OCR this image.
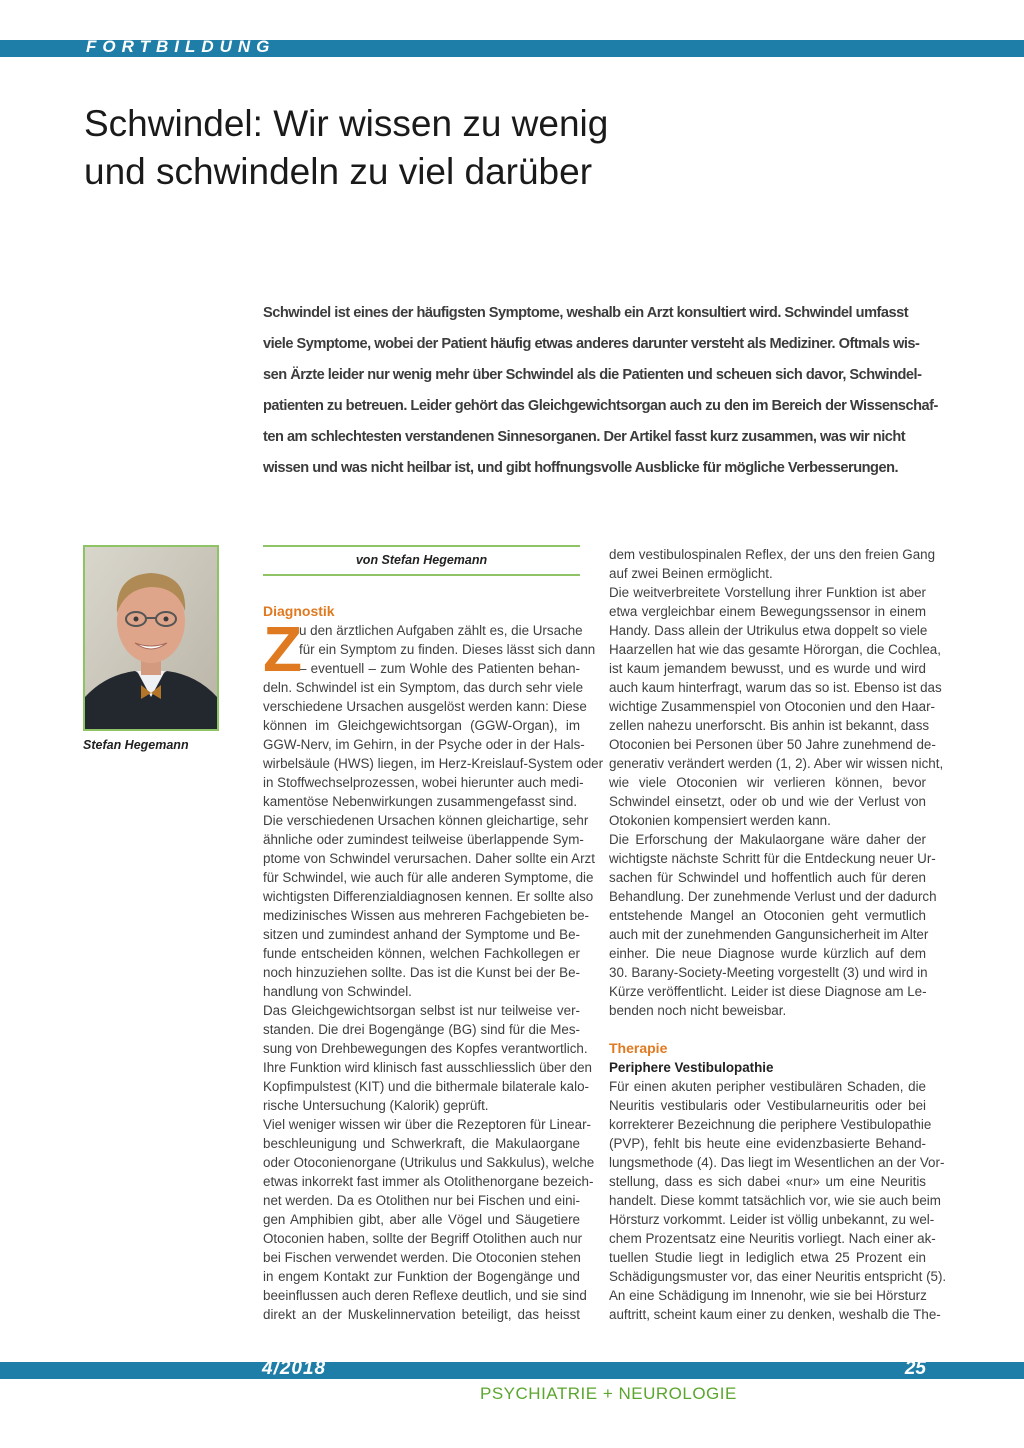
FORTBILDUNG
Schwindel: Wir wissen zu wenig
und schwindeln zu viel darüber
Schwindel ist eines der häufigsten Symptome, weshalb ein Arzt konsultiert wird. Schwindel umfasst
viele Symptome, wobei der Patient häufig etwas anderes darunter versteht als Mediziner. Oftmals wis-
sen Ärzte leider nur wenig mehr über Schwindel als die Patienten und scheuen sich davor, Schwindel-
patienten zu betreuen. Leider gehört das Gleichgewichtsorgan auch zu den im Bereich der Wissenschaf-
ten am schlechtesten verstandenen Sinnesorganen. Der Artikel fasst kurz zusammen, was wir nicht
wissen und was nicht heilbar ist, und gibt hoffnungsvolle Ausblicke für mögliche Verbesserungen.
Stefan Hegemann
von Stefan Hegemann
Diagnostik
Z
u den ärztlichen Aufgaben zählt es, die Ursache
für ein Symptom zu finden. Dieses lässt sich dann
– eventuell – zum Wohle des Patienten behan-
deln. Schwindel ist ein Symptom, das durch sehr viele
verschiedene Ursachen ausgelöst werden kann: Diese
können im Gleichgewichtsorgan (GGW-Organ), im
GGW-Nerv, im Gehirn, in der Psyche oder in der Hals-
wirbelsäule (HWS) liegen, im Herz-Kreislauf-System oder
in Stoffwechselprozessen, wobei hierunter auch medi-
kamentöse Nebenwirkungen zusammengefasst sind.
Die verschiedenen Ursachen können gleichartige, sehr
ähnliche oder zumindest teilweise überlappende Sym-
ptome von Schwindel verursachen. Daher sollte ein Arzt
für Schwindel, wie auch für alle anderen Symptome, die
wichtigsten Differenzialdiagnosen kennen. Er sollte also
medizinisches Wissen aus mehreren Fachgebieten be-
sitzen und zumindest anhand der Symptome und Be-
funde entscheiden können, welchen Fachkollegen er
noch hinzuziehen sollte. Das ist die Kunst bei der Be-
handlung von Schwindel.
Das Gleichgewichtsorgan selbst ist nur teilweise ver-
standen. Die drei Bogengänge (BG) sind für die Mes-
sung von Drehbewegungen des Kopfes verantwortlich.
Ihre Funktion wird klinisch fast ausschliesslich über den
Kopfimpulstest (KIT) und die bithermale bilaterale kalo-
rische Untersuchung (Kalorik) geprüft.
Viel weniger wissen wir über die Rezeptoren für Linear-
beschleunigung und Schwerkraft, die Makulaorgane
oder Otoconienorgane (Utrikulus und Sakkulus), welche
etwas inkorrekt fast immer als Otolithenorgane bezeich-
net werden. Da es Otolithen nur bei Fischen und eini-
gen Amphibien gibt, aber alle Vögel und Säugetiere
Otoconien haben, sollte der Begriff Otolithen auch nur
bei Fischen verwendet werden. Die Otoconien stehen
in engem Kontakt zur Funktion der Bogengänge und
beeinflussen auch deren Reflexe deutlich, und sie sind
direkt an der Muskelinnervation beteiligt, das heisst
dem vestibulospinalen Reflex, der uns den freien Gang
auf zwei Beinen ermöglicht.
Die weitverbreitete Vorstellung ihrer Funktion ist aber
etwa vergleichbar einem Bewegungssensor in einem
Handy. Dass allein der Utrikulus etwa doppelt so viele
Haarzellen hat wie das gesamte Hörorgan, die Cochlea,
ist kaum jemandem bewusst, und es wurde und wird
auch kaum hinterfragt, warum das so ist. Ebenso ist das
wichtige Zusammenspiel von Otoconien und den Haar-
zellen nahezu unerforscht. Bis anhin ist bekannt, dass
Otoconien bei Personen über 50 Jahre zunehmend de-
generativ verändert werden (1, 2). Aber wir wissen nicht,
wie viele Otoconien wir verlieren können, bevor
Schwindel einsetzt, oder ob und wie der Verlust von
Otokonien kompensiert werden kann.
Die Erforschung der Makulaorgane wäre daher der
wichtigste nächste Schritt für die Entdeckung neuer Ur-
sachen für Schwindel und hoffentlich auch für deren
Behandlung. Der zunehmende Verlust und der dadurch
entstehende Mangel an Otoconien geht vermutlich
auch mit der zunehmenden Gangunsicherheit im Alter
einher. Die neue Diagnose wurde kürzlich auf dem
30. Barany-Society-Meeting vorgestellt (3) und wird in
Kürze veröffentlicht. Leider ist diese Diagnose am Le-
benden noch nicht beweisbar.
Therapie
Periphere Vestibulopathie
Für einen akuten peripher vestibulären Schaden, die
Neuritis vestibularis oder Vestibularneuritis oder bei
korrekterer Bezeichnung die periphere Vestibulopathie
(PVP), fehlt bis heute eine evidenzbasierte Behand-
lungsmethode (4). Das liegt im Wesentlichen an der Vor-
stellung, dass es sich dabei «nur» um eine Neuritis
handelt. Diese kommt tatsächlich vor, wie sie auch beim
Hörsturz vorkommt. Leider ist völlig unbekannt, zu wel-
chem Prozentsatz eine Neuritis vorliegt. Nach einer ak-
tuellen Studie liegt in lediglich etwa 25 Prozent ein
Schädigungsmuster vor, das einer Neuritis entspricht (5).
An eine Schädigung im Innenohr, wie sie bei Hörsturz
auftritt, scheint kaum einer zu denken, weshalb die The-
4/2018	25
PSYCHIATRIE + NEUROLOGIE
